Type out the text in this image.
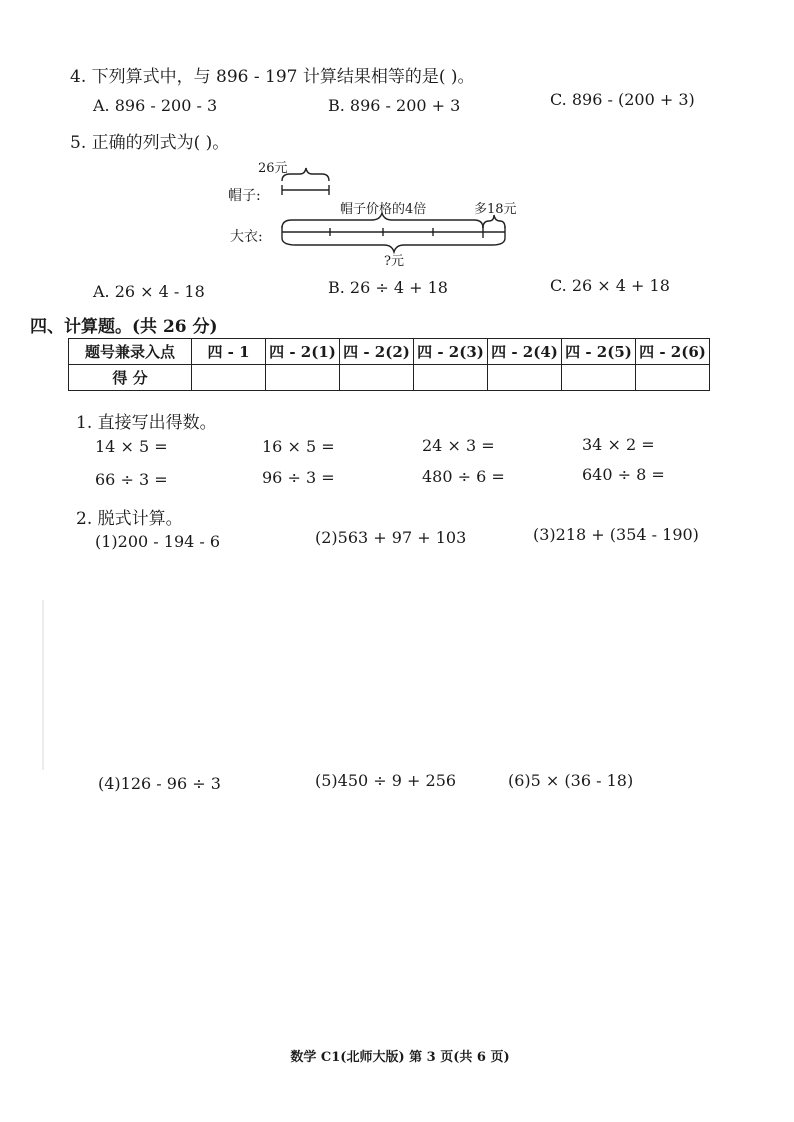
4. 下列算式中，与 896 - 197 计算结果相等的是( )。
A. 896 - 200 - 3	B. 896 - 200 + 3	C. 896 - (200 + 3)
5. 正确的列式为( )。
26元
帽子:
帽子价格的4倍	多18元
大衣:
?元
A. 26 × 4 - 18	B. 26 ÷ 4 + 18	C. 26 × 4 + 18
四、计算题。(共 26 分)
题号兼录入点	四 - 1	四 - 2(1)	四 - 2(2)	四 - 2(3)	四 - 2(4)	四 - 2(5)	四 - 2(6)
得 分							
1. 直接写出得数。
14 × 5 =	16 × 5 =	24 × 3 =	34 × 2 =
66 ÷ 3 =	96 ÷ 3 =	480 ÷ 6 =	640 ÷ 8 =
2. 脱式计算。
(1)200 - 194 - 6	(2)563 + 97 + 103	(3)218 + (354 - 190)
(4)126 - 96 ÷ 3	(5)450 ÷ 9 + 256	(6)5 × (36 - 18)
数学 C1(北师大版) 第 3 页(共 6 页)
